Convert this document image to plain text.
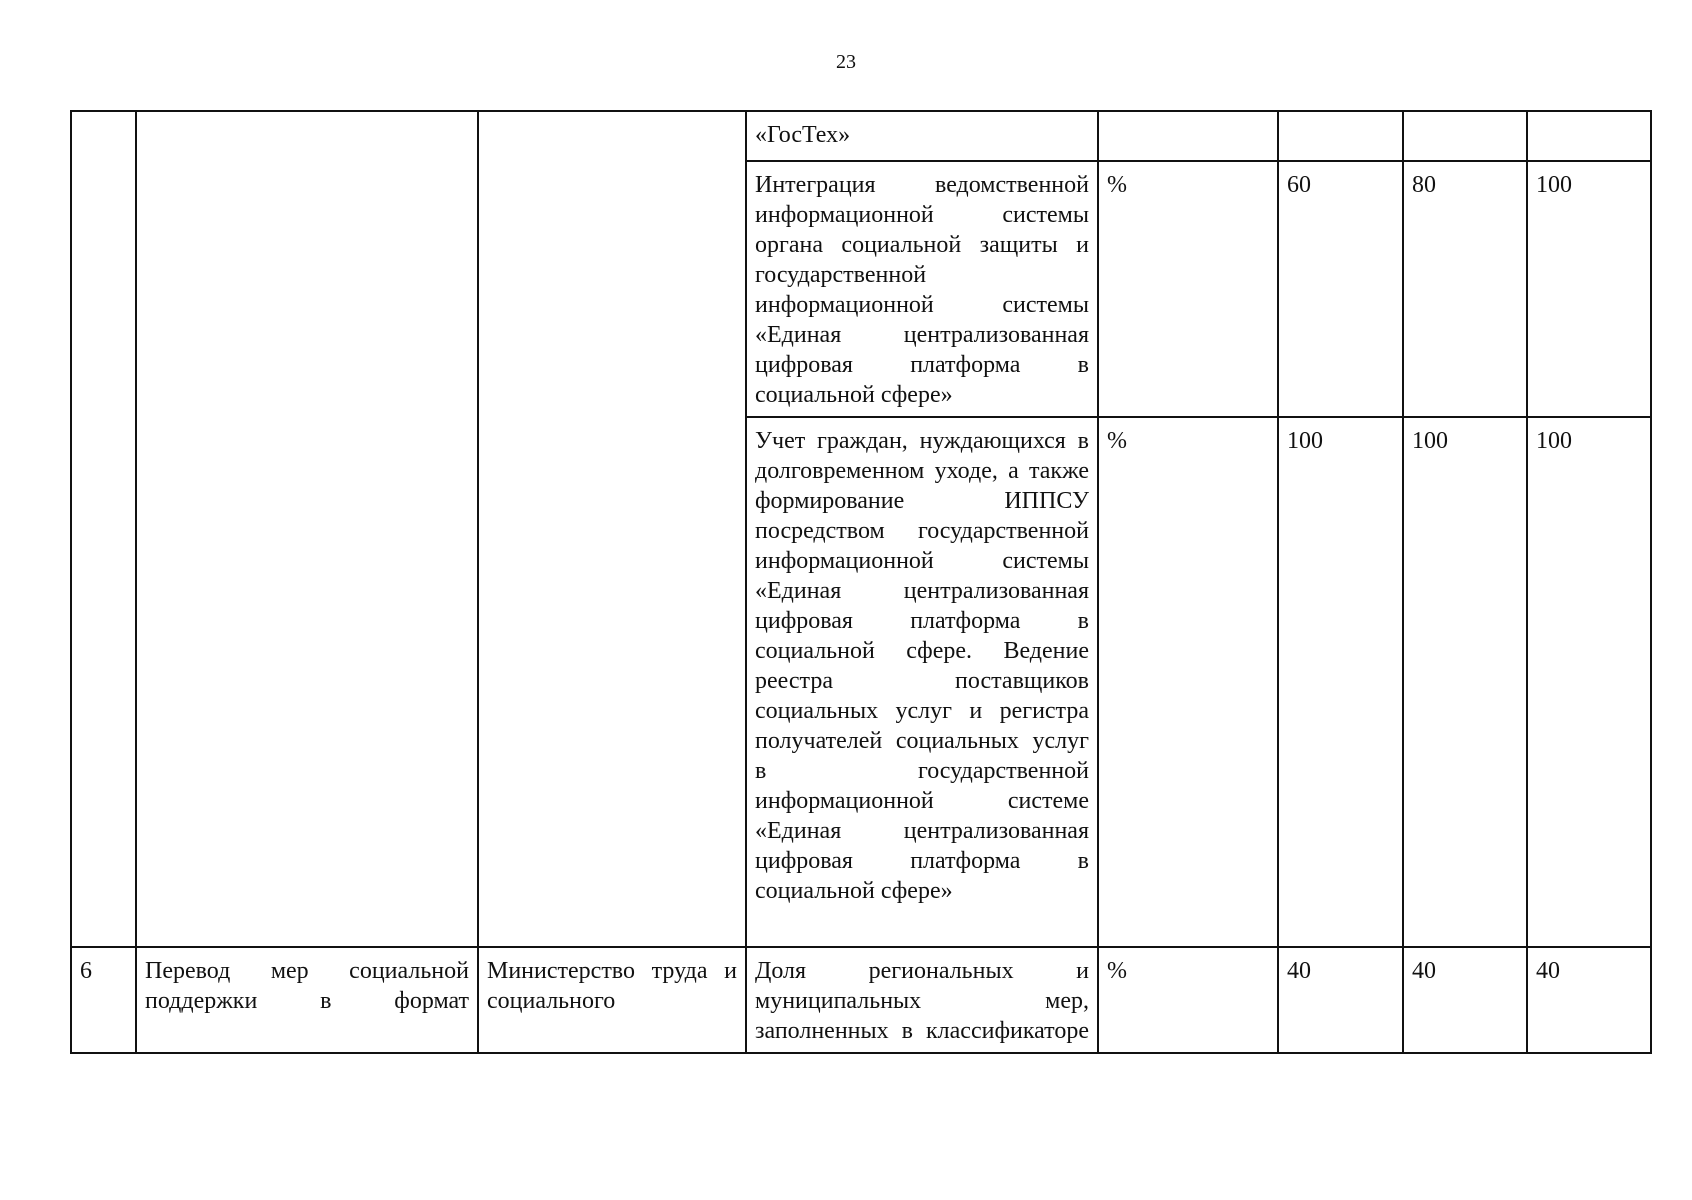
23
			«ГосТех»				
			Интеграция ведомственной информационной системы органа социальной защиты и государственной информационной системы «Единая централизованная цифровая платформа в социальной сфере»	%	60	80	100
			Учет граждан, нуждающихся в долговременном уходе, а также формирование ИППСУ посредством государственной информационной системы «Единая централизованная цифровая платформа в социальной сфере. Ведение реестра поставщиков социальных услуг и регистра получателей социальных услуг в государственной информационной системе «Единая централизованная цифровая платформа в социальной сфере»	%	100	100	100
6	Перевод мер социальной поддержки в формат	Министерство труда и социального	Доля региональных и муниципальных мер, заполненных в классификаторе	%	40	40	40
